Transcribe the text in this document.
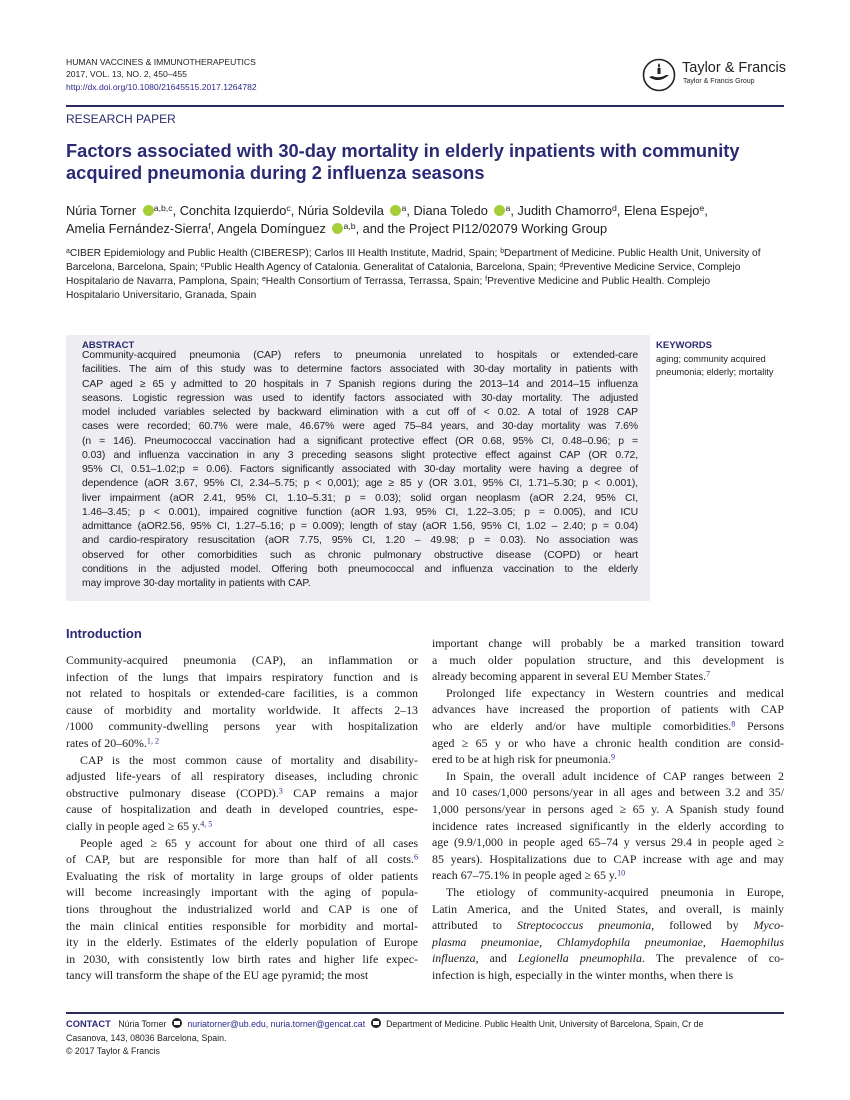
HUMAN VACCINES & IMMUNOTHERAPEUTICS
2017, VOL. 13, NO. 2, 450–455
http://dx.doi.org/10.1080/21645515.2017.1264782
Taylor & Francis
Taylor & Francis Group
RESEARCH PAPER
Factors associated with 30-day mortality in elderly inpatients with community
acquired pneumonia during 2 influenza seasons
Núria Torner $^{a,b,c}$, Conchita Izquierdo$^c$, Núria Soldevila $^a$, Diana Toledo $^a$, Judith Chamorro$^d$, Elena Espejo$^e$,
Amelia Fernández-Sierra$^f$, Angela Domínguez $^{a,b}$, and the Project PI12/02079 Working Group
$^a$CIBER Epidemiology and Public Health (CIBERESP); Carlos III Health Institute, Madrid, Spain; $^b$Department of Medicine. Public Health Unit, University of
Barcelona, Barcelona, Spain; $^c$Public Health Agency of Catalonia. Generalitat of Catalonia, Barcelona, Spain; $^d$Preventive Medicine Service, Complejo
Hospitalario de Navarra, Pamplona, Spain; $^e$Health Consortium of Terrassa, Terrassa, Spain; $^f$Preventive Medicine and Public Health. Complejo
Hospitalario Universitario, Granada, Spain
ABSTRACT
Community-acquired pneumonia (CAP) refers to pneumonia unrelated to hospitals or extended-care
facilities. The aim of this study was to determine factors associated with 30-day mortality in patients with
CAP aged ≥ 65 y admitted to 20 hospitals in 7 Spanish regions during the 2013–14 and 2014–15 influenza
seasons. Logistic regression was used to identify factors associated with 30-day mortality. The adjusted
model included variables selected by backward elimination with a cut off of < 0.02. A total of 1928 CAP
cases were recorded; 60.7% were male, 46.67% were aged 75–84 years, and 30-day mortality was 7.6%
(n = 146). Pneumococcal vaccination had a significant protective effect (OR 0.68, 95% CI, 0.48–0.96; p =
0.03) and influenza vaccination in any 3 preceding seasons slight protective effect against CAP (OR 0.72,
95% CI, 0.51–1.02;p = 0.06). Factors significantly associated with 30-day mortality were having a degree of
dependence (aOR 3.67, 95% CI, 2.34–5.75; p < 0,001); age ≥ 85 y (OR 3.01, 95% CI, 1.71–5.30; p < 0.001),
liver impairment (aOR 2.41, 95% CI, 1.10–5.31; p = 0.03); solid organ neoplasm (aOR 2.24, 95% CI,
1.46–3.45; p < 0.001), impaired cognitive function (aOR 1.93, 95% CI, 1.22–3.05; p = 0.005), and ICU
admittance (aOR2.56, 95% CI, 1.27–5.16; p = 0.009); length of stay (aOR 1.56, 95% CI, 1.02 – 2.40; p = 0.04)
and cardio-respiratory resuscitation (aOR 7.75, 95% CI, 1.20 – 49.98; p = 0.03). No association was
observed for other comorbidities such as chronic pulmonary obstructive disease (COPD) or heart
conditions in the adjusted model. Offering both pneumococcal and influenza vaccination to the elderly
may improve 30-day mortality in patients with CAP.
KEYWORDS
aging; community acquired
pneumonia; elderly; mortality
Introduction
Community-acquired pneumonia (CAP), an inflammation or
infection of the lungs that impairs respiratory function and is
not related to hospitals or extended-care facilities, is a common
cause of morbidity and mortality worldwide. It affects 2–13
/1000 community-dwelling persons year with hospitalization
rates of 20–60%.$^{1, 2}$
CAP is the most common cause of mortality and disability-
adjusted life-years of all respiratory diseases, including chronic
obstructive pulmonary disease (COPD).$^3$ CAP remains a major
cause of hospitalization and death in developed countries, espe-
cially in people aged ≥ 65 y.$^{4, 5}$
People aged ≥ 65 y account for about one third of all cases
of CAP, but are responsible for more than half of all costs.$^6$
Evaluating the risk of mortality in large groups of older patients
will become increasingly important with the aging of popula-
tions throughout the industrialized world and CAP is one of
the main clinical entities responsible for morbidity and mortal-
ity in the elderly. Estimates of the elderly population of Europe
in 2030, with consistently low birth rates and higher life expec-
tancy will transform the shape of the EU age pyramid; the most
important change will probably be a marked transition toward
a much older population structure, and this development is
already becoming apparent in several EU Member States.$^7$
Prolonged life expectancy in Western countries and medical
advances have increased the proportion of patients with CAP
who are elderly and/or have multiple comorbidities.$^8$ Persons
aged ≥ 65 y or who have a chronic health condition are consid-
ered to be at high risk for pneumonia.$^9$
In Spain, the overall adult incidence of CAP ranges between 2
and 10 cases/1,000 persons/year in all ages and between 3.2 and 35/
1,000 persons/year in persons aged ≥ 65 y. A Spanish study found
incidence rates increased significantly in the elderly according to
age (9.9/1,000 in people aged 65–74 y versus 29.4 in people aged ≥
85 years). Hospitalizations due to CAP increase with age and may
reach 67–75.1% in people aged ≥ 65 y.$^{10}$
The etiology of community-acquired pneumonia in Europe,
Latin America, and the United States, and overall, is mainly
attributed to Streptococcus pneumonia, followed by Myco-
plasma pneumoniae, Chlamydophila pneumoniae, Haemophilus
influenza, and Legionella pneumophila. The prevalence of co-
infection is high, especially in the winter months, when there is
CONTACT Núria Torner nuriatorner@ub.edu, nuria.torner@gencat.cat Department of Medicine. Public Health Unit, University of Barcelona, Spain, Cr de
Casanova, 143, 08036 Barcelona, Spain.
© 2017 Taylor & Francis
